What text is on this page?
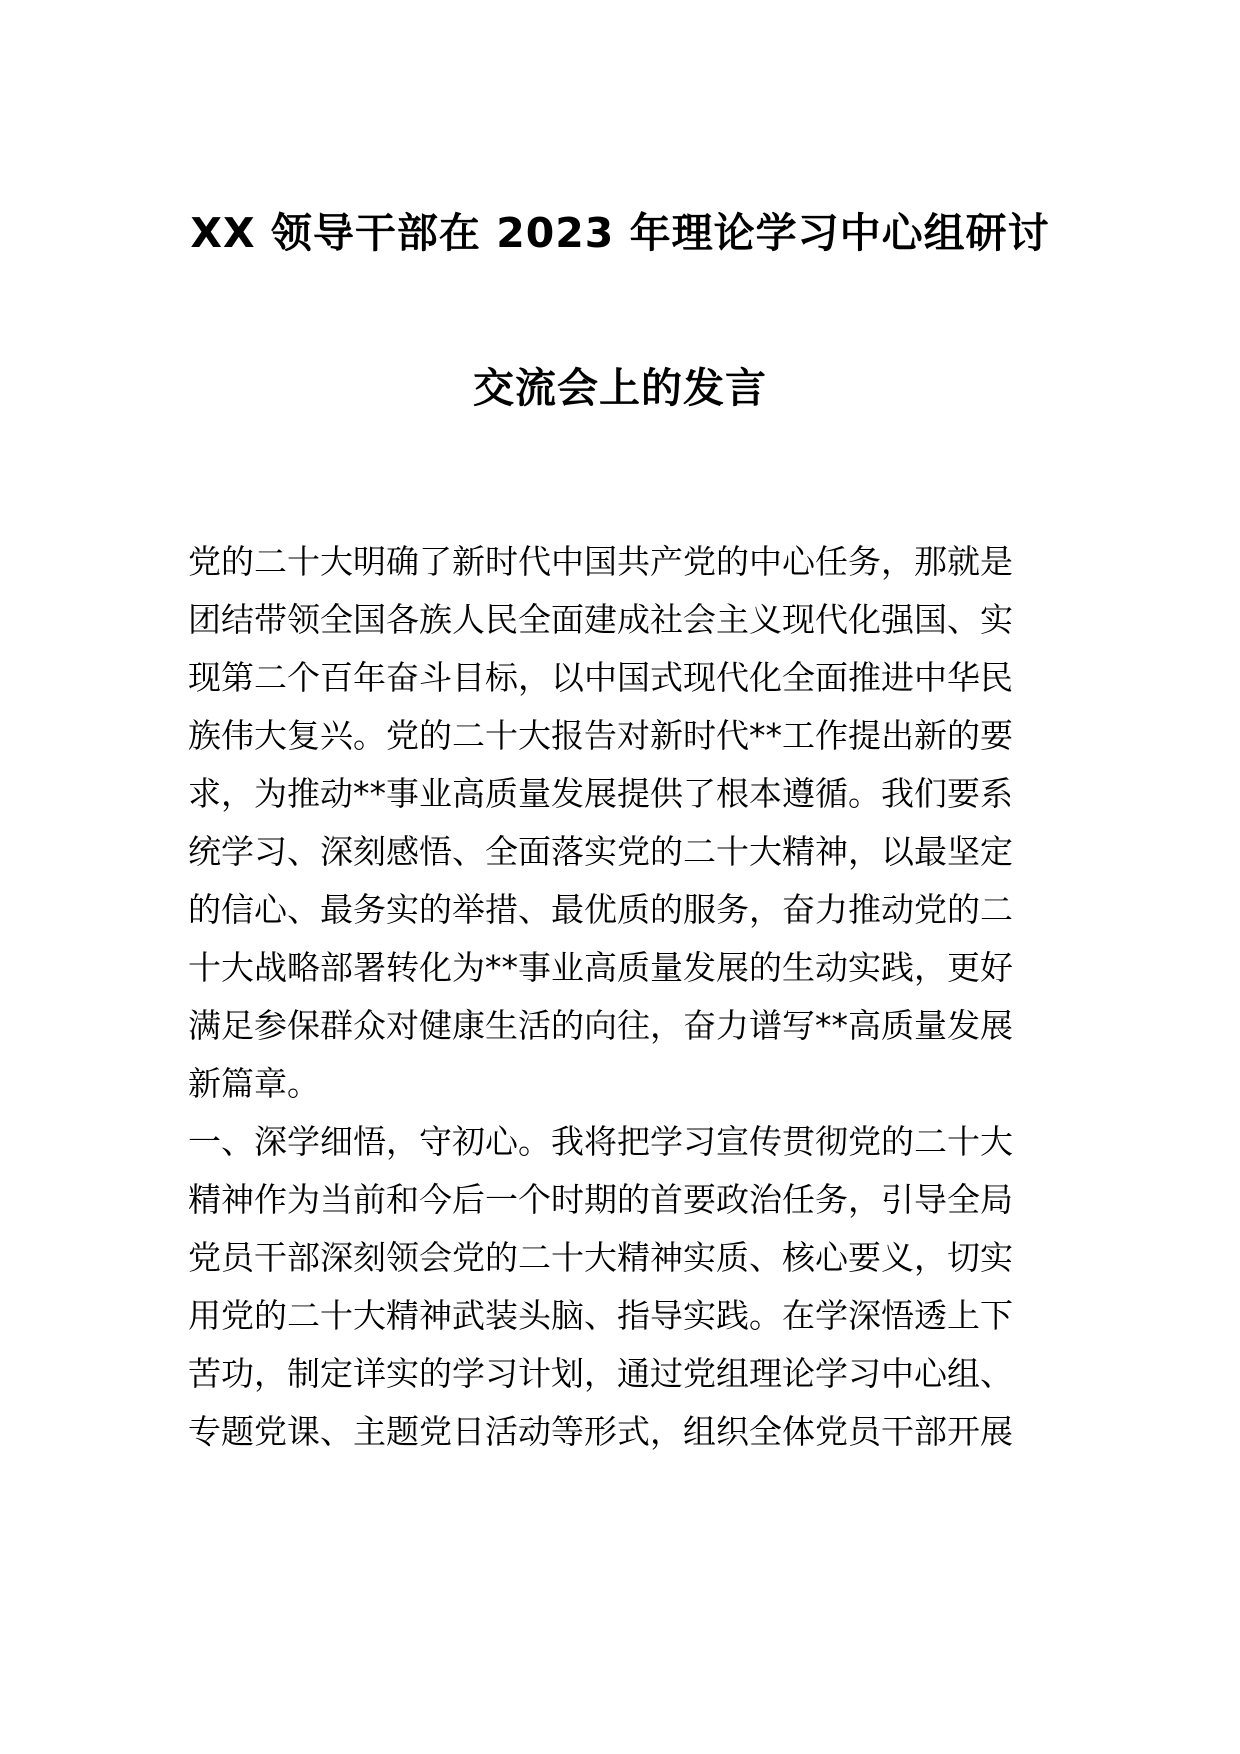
XX 领导干部在 2023 年理论学习中心组研讨
交流会上的发言
党的二十大明确了新时代中国共产党的中心任务，那就是
团结带领全国各族人民全面建成社会主义现代化强国、实
现第二个百年奋斗目标，以中国式现代化全面推进中华民
族伟大复兴。党的二十大报告对新时代**工作提出新的要
求，为推动**事业高质量发展提供了根本遵循。我们要系
统学习、深刻感悟、全面落实党的二十大精神，以最坚定
的信心、最务实的举措、最优质的服务，奋力推动党的二
十大战略部署转化为**事业高质量发展的生动实践，更好
满足参保群众对健康生活的向往，奋力谱写**高质量发展
新篇章。
一、深学细悟，守初心。我将把学习宣传贯彻党的二十大
精神作为当前和今后一个时期的首要政治任务，引导全局
党员干部深刻领会党的二十大精神实质、核心要义，切实
用党的二十大精神武装头脑、指导实践。在学深悟透上下
苦功，制定详实的学习计划，通过党组理论学习中心组、
专题党课、主题党日活动等形式，组织全体党员干部开展
